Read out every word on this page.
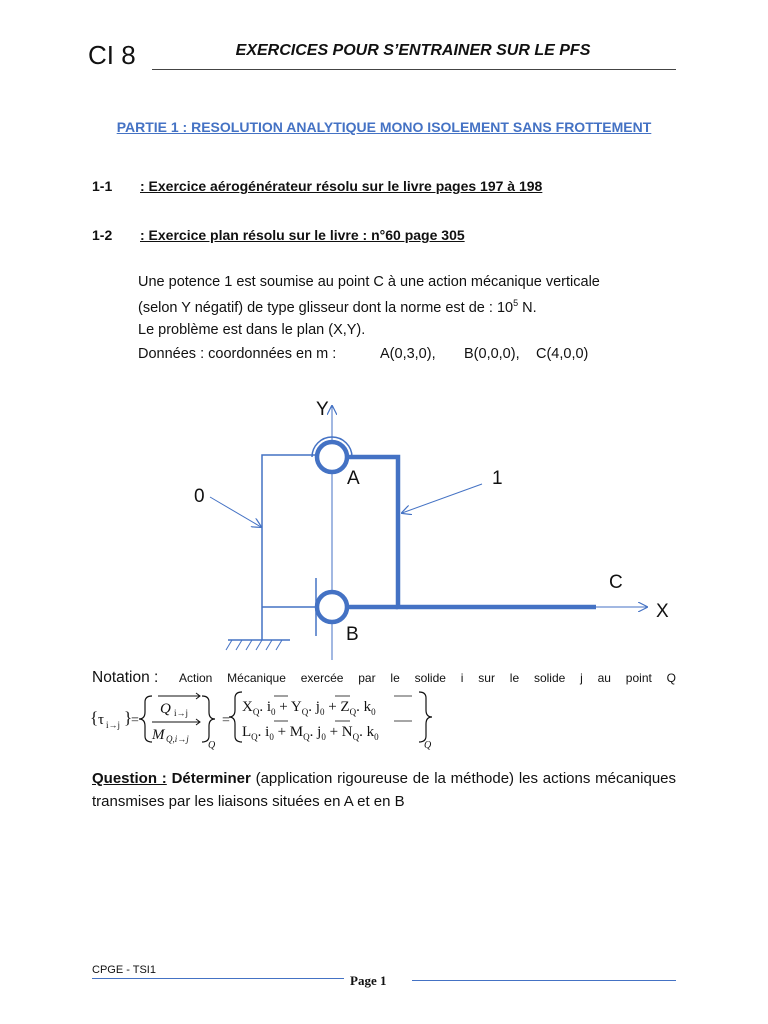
CI 8	EXERCICES POUR S’ENTRAINER SUR LE PFS
PARTIE 1 : RESOLUTION ANALYTIQUE MONO ISOLEMENT SANS FROTTEMENT
1-1 : Exercice aérogénérateur résolu sur le livre pages 197 à 198
1-2 : Exercice plan résolu sur le livre : n°60 page 305
Une potence 1 est soumise au point C à une action mécanique verticale
(selon Y négatif) de type glisseur dont la norme est de : $10^5$ N.
Le problème est dans le plan (X,Y).
Données : coordonnées en m :	A(0,3,0), B(0,0,0), C(4,0,0)
Y
A	1
0
C
X
B
Notation : Action Mécanique exercée par le solide i sur le solide j au point Q
{ τ i→j }
=
Q i→j
M Q,i→j
Q
=
$X_Q$. $i_0 + Y_Q$. $j_0 + Z_Q$. $k_0$
$L_Q$. $i_0 + M_Q$. $j_0 + N_Q$. $k_0$
Q
Question : Déterminer (application rigoureuse de la méthode) les actions mécaniques transmises par les liaisons situées en A et en B
CPGE - TSI1
Page 1
